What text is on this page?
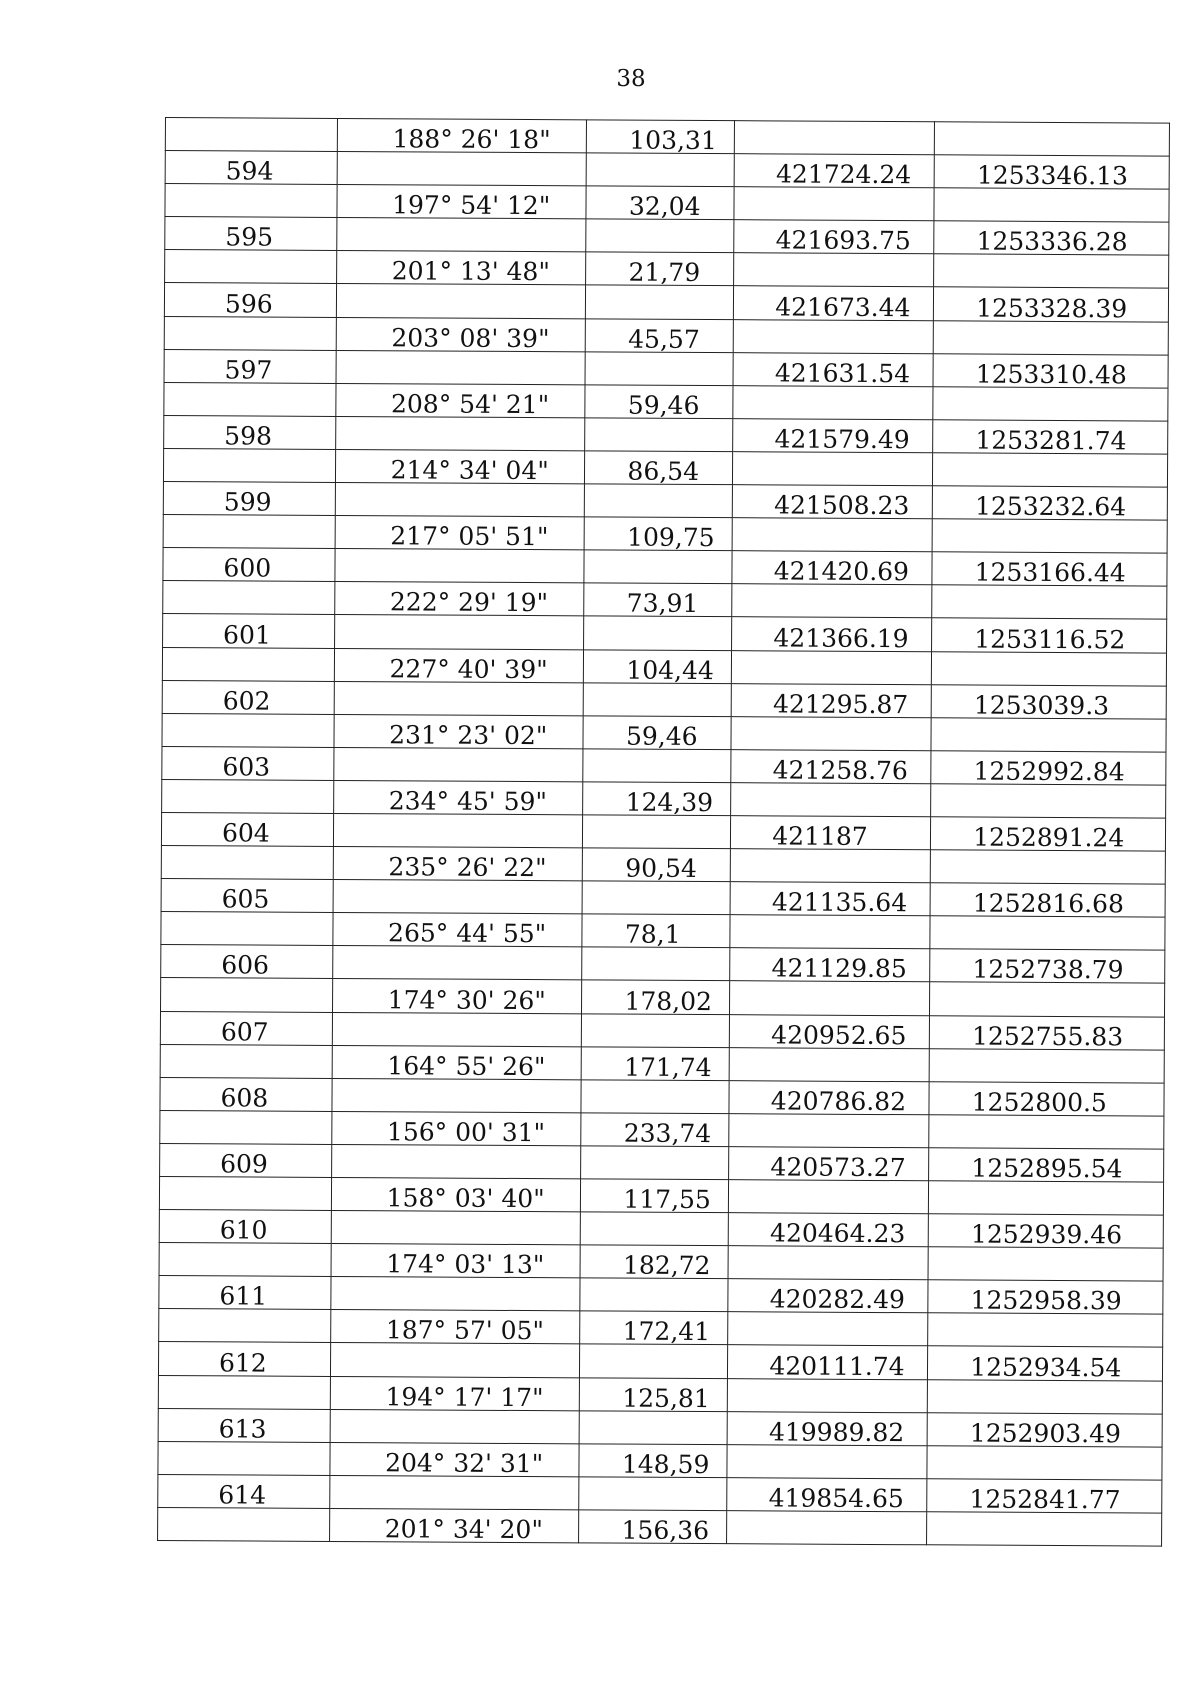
38
	188° 26' 18"	103,31		
594			421724.24	1253346.13
	197° 54' 12"	32,04		
595			421693.75	1253336.28
	201° 13' 48"	21,79		
596			421673.44	1253328.39
	203° 08' 39"	45,57		
597			421631.54	1253310.48
	208° 54' 21"	59,46		
598			421579.49	1253281.74
	214° 34' 04"	86,54		
599			421508.23	1253232.64
	217° 05' 51"	109,75		
600			421420.69	1253166.44
	222° 29' 19"	73,91		
601			421366.19	1253116.52
	227° 40' 39"	104,44		
602			421295.87	1253039.3
	231° 23' 02"	59,46		
603			421258.76	1252992.84
	234° 45' 59"	124,39		
604			421187	1252891.24
	235° 26' 22"	90,54		
605			421135.64	1252816.68
	265° 44' 55"	78,1		
606			421129.85	1252738.79
	174° 30' 26"	178,02		
607			420952.65	1252755.83
	164° 55' 26"	171,74		
608			420786.82	1252800.5
	156° 00' 31"	233,74		
609			420573.27	1252895.54
	158° 03' 40"	117,55		
610			420464.23	1252939.46
	174° 03' 13"	182,72		
611			420282.49	1252958.39
	187° 57' 05"	172,41		
612			420111.74	1252934.54
	194° 17' 17"	125,81		
613			419989.82	1252903.49
	204° 32' 31"	148,59		
614			419854.65	1252841.77
	201° 34' 20"	156,36		
